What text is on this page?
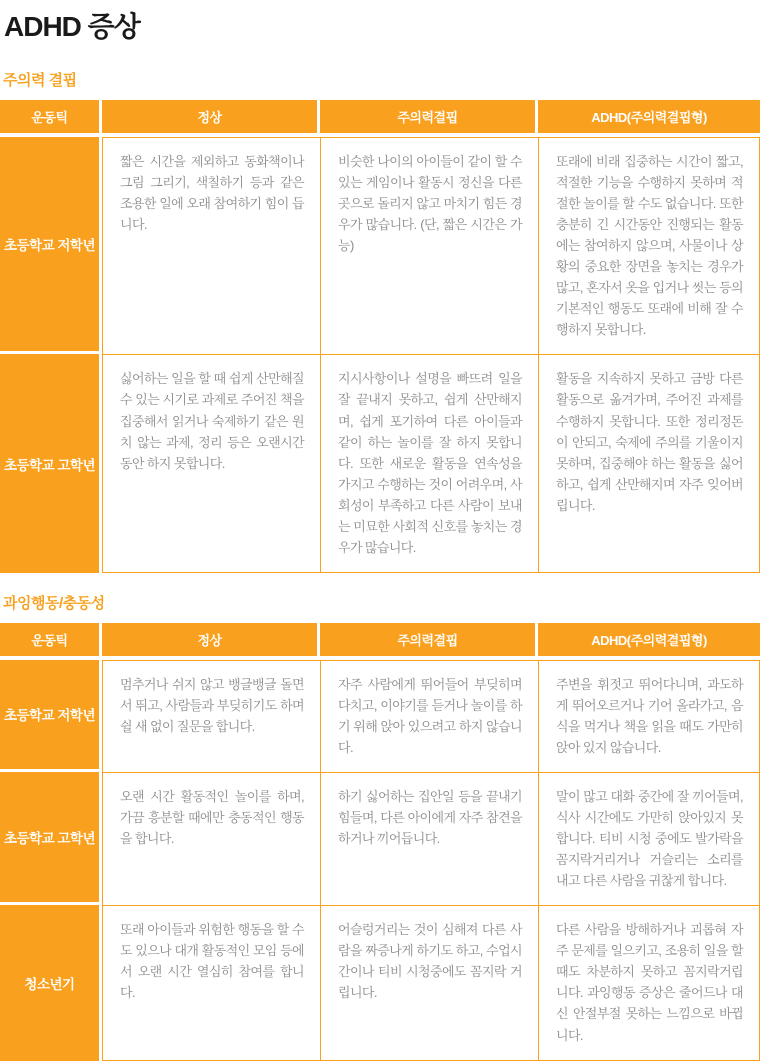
ADHD 증상
주의력 결핍
운동틱	정상	주의력결핍	ADHD(주의력결핍형)
초등학교 저학년	짧은 시간을 제외하고 동화책이나 그림 그리기, 색칠하기 등과 같은 조용한 일에 오래 참여하기 힘이 듭니다.	비슷한 나이의 아이들이 같이 할 수 있는 게임이나 활동시 정신을 다른곳으로 돌리지 않고 마치기 힘든 경우가 많습니다. (단, 짧은 시간은 가능)	또래에 비래 집중하는 시간이 짧고, 적절한 기능을 수행하지 못하며 적절한 놀이를 할 수도 없습니다. 또한 충분히 긴 시간동안 진행되는 활동에는 참여하지 않으며, 사물이나 상황의 중요한 장면을 놓치는 경우가 많고, 혼자서 옷을 입거나 씻는 등의 기본적인 행동도 또래에 비해 잘 수행하지 못합니다.
초등학교 고학년	싫어하는 일을 할 때 쉽게 산만해질 수 있는 시기로 과제로 주어진 책을 집중해서 읽거나 숙제하기 같은 원치 않는 과제, 정리 등은 오랜시간 동안 하지 못합니다.	지시사항이나 설명을 빠뜨려 일을 잘 끝내지 못하고, 쉽게 산만해지며, 쉽게 포기하여 다른 아이들과 같이 하는 놀이를 잘 하지 못합니다. 또한 새로운 활동을 연속성을 가지고 수행하는 것이 어려우며, 사회성이 부족하고 다른 사람이 보내는 미묘한 사회적 신호를 놓치는 경우가 많습니다.	활동을 지속하지 못하고 금방 다른 활동으로 옮겨가며, 주어진 과제를 수행하지 못합니다. 또한 정리정돈이 안되고, 숙제에 주의를 기울이지 못하며, 집중해야 하는 활동을 싫어하고, 쉽게 산만해지며 자주 잊어버립니다.
과잉행동/충동성
운동틱	정상	주의력결핍	ADHD(주의력결핍형)
초등학교 저학년	멈추거나 쉬지 않고 뱅글뱅글 돌면서 뛰고, 사람들과 부딪히기도 하며 쉴 새 없이 질문을 합니다.	자주 사람에게 뛰어들어 부딪히며 다치고, 이야기를 듣거나 놀이를 하기 위해 앉아 있으려고 하지 않습니다.	주변을 휘젓고 뛰어다니며, 과도하게 뛰어오르거나 기어 올라가고, 음식을 먹거나 책을 읽을 때도 가만히 앉아 있지 않습니다.
초등학교 고학년	오랜 시간 활동적인 놀이를 하며, 가끔 흥분할 때에만 충동적인 행동을 합니다.	하기 싫어하는 집안일 등을 끝내기 힘들며, 다른 아이에게 자주 참견을 하거나 끼어듭니다.	말이 많고 대화 중간에 잘 끼어들며, 식사 시간에도 가만히 앉아있지 못합니다. 티비 시청 중에도 발가락을 꼼지락거리거나 거슬리는 소리를 내고 다른 사람을 귀찮게 합니다.
청소년기	또래 아이들과 위험한 행동을 할 수도 있으나 대개 활동적인 모임 등에서 오랜 시간 열심히 참여를 합니다.	어슬렁거리는 것이 심해져 다른 사람을 짜증나게 하기도 하고, 수업시간이나 티비 시청중에도 꼼지락 거립니다.	다른 사람을 방해하거나 괴롭혀 자주 문제를 일으키고, 조용히 일을 할 때도 차분하지 못하고 꼼지락거립니다. 과잉행동 증상은 줄어드나 대신 안절부절 못하는 느낌으로 바뀝니다.
